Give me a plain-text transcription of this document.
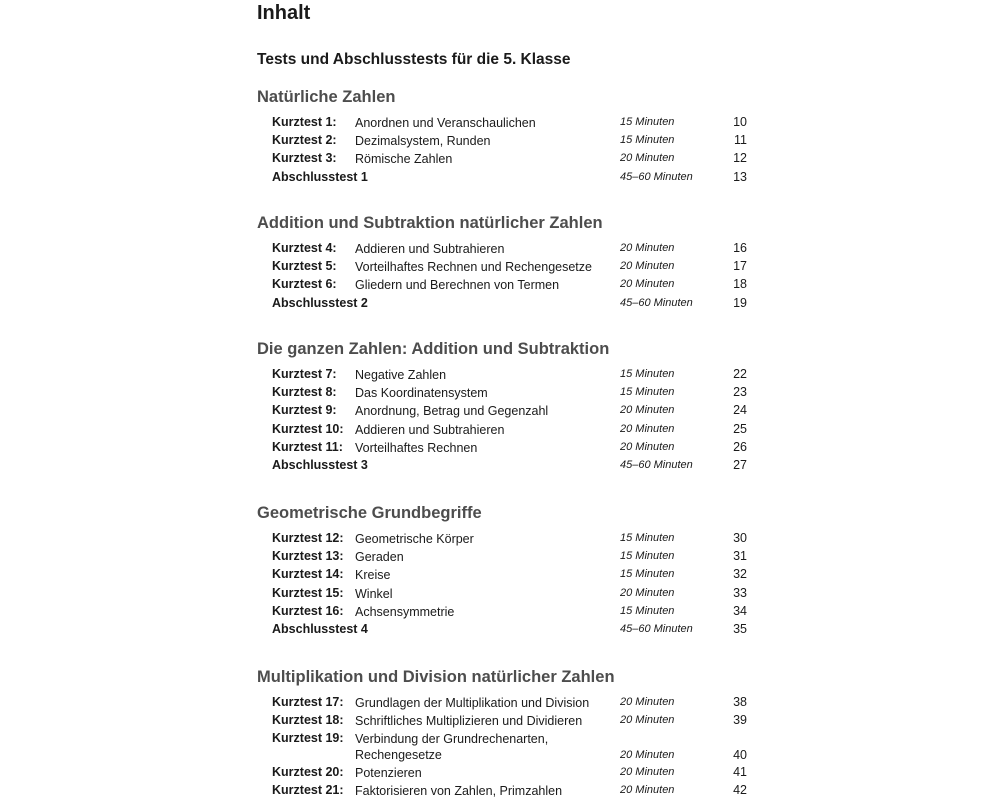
Inhalt
Tests und Abschlusstests für die 5. Klasse
Natürliche Zahlen
Kurztest 1: Anordnen und Veranschaulichen	15 Minuten	10
Kurztest 2: Dezimalsystem, Runden	15 Minuten	11
Kurztest 3: Römische Zahlen	20 Minuten	12
Abschlusstest 1	45–60 Minuten	13
Addition und Subtraktion natürlicher Zahlen
Kurztest 4: Addieren und Subtrahieren	20 Minuten	16
Kurztest 5: Vorteilhaftes Rechnen und Rechengesetze	20 Minuten	17
Kurztest 6: Gliedern und Berechnen von Termen	20 Minuten	18
Abschlusstest 2	45–60 Minuten	19
Die ganzen Zahlen: Addition und Subtraktion
Kurztest 7: Negative Zahlen	15 Minuten	22
Kurztest 8: Das Koordinatensystem	15 Minuten	23
Kurztest 9: Anordnung, Betrag und Gegenzahl	20 Minuten	24
Kurztest 10: Addieren und Subtrahieren	20 Minuten	25
Kurztest 11: Vorteilhaftes Rechnen	20 Minuten	26
Abschlusstest 3	45–60 Minuten	27
Geometrische Grundbegriffe
Kurztest 12: Geometrische Körper	15 Minuten	30
Kurztest 13: Geraden	15 Minuten	31
Kurztest 14: Kreise	15 Minuten	32
Kurztest 15: Winkel	20 Minuten	33
Kurztest 16: Achsensymmetrie	15 Minuten	34
Abschlusstest 4	45–60 Minuten	35
Multiplikation und Division natürlicher Zahlen
Kurztest 17: Grundlagen der Multiplikation und Division	20 Minuten	38
Kurztest 18: Schriftliches Multiplizieren und Dividieren	20 Minuten	39
Kurztest 19: Verbindung der Grundrechenarten,
Rechengesetze	20 Minuten	40
Kurztest 20: Potenzieren	20 Minuten	41
Kurztest 21: Faktorisieren von Zahlen, Primzahlen	20 Minuten	42
